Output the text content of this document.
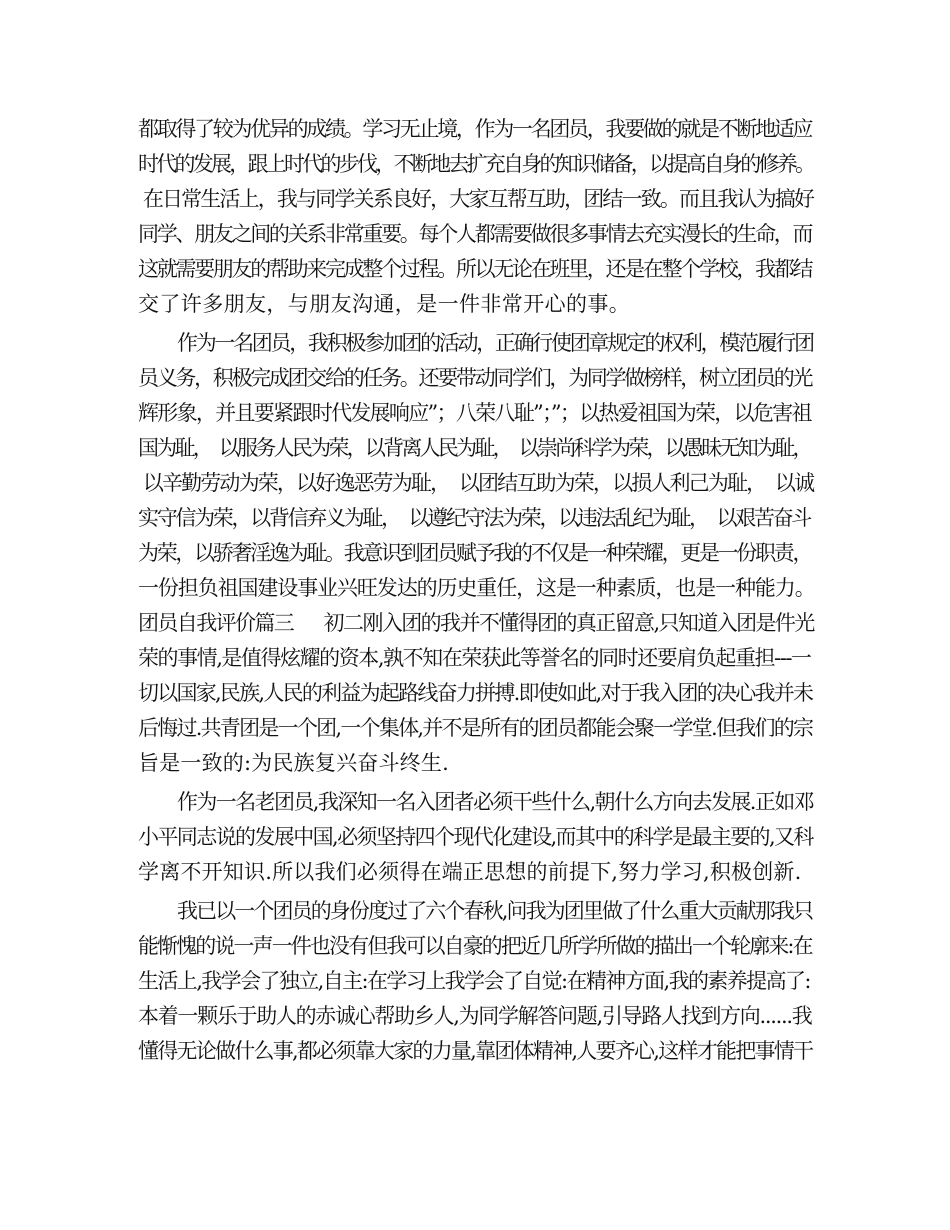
都取得了较为优异的成绩。学习无止境，作为一名团员，我要做的就是不断地适应
时代的发展，跟上时代的步伐，不断地去扩充自身的知识储备，以提高自身的修养。
在日常生活上，我与同学关系良好，大家互帮互助，团结一致。而且我认为搞好
同学、朋友之间的关系非常重要。每个人都需要做很多事情去充实漫长的生命，而
这就需要朋友的帮助来完成整个过程。所以无论在班里，还是在整个学校，我都结
交了许多朋友，与朋友沟通，是一件非常开心的事。
作为一名团员，我积极参加团的活动，正确行使团章规定的权利，模范履行团
员义务，积极完成团交给的任务。还要带动同学们，为同学做榜样，树立团员的光
辉形象，并且要紧跟时代发展响应”；八荣八耻”；”；以热爱祖国为荣，以危害祖
国为耻，  以服务人民为荣，以背离人民为耻，  以崇尚科学为荣，以愚昧无知为耻，
以辛勤劳动为荣，以好逸恶劳为耻，  以团结互助为荣，以损人利己为耻，  以诚
实守信为荣，以背信弃义为耻，  以遵纪守法为荣，以违法乱纪为耻，  以艰苦奋斗
为荣，以骄奢淫逸为耻。我意识到团员赋予我的不仅是一种荣耀，更是一份职责，
一份担负祖国建设事业兴旺发达的历史重任，这是一种素质，也是一种能力。
团员自我评价篇三      初二刚入团的我并不懂得团的真正留意,只知道入团是件光
荣的事情,是值得炫耀的资本,孰不知在荣获此等誉名的同时还要肩负起重担---一
切以国家,民族,人民的利益为起路线奋力拼搏.即使如此,对于我入团的决心我并未
后悔过.共青团是一个团,一个集体,并不是所有的团员都能会聚一学堂.但我们的宗
旨是一致的:为民族复兴奋斗终生.
作为一名老团员,我深知一名入团者必须干些什么,朝什么方向去发展.正如邓
小平同志说的发展中国,必须坚持四个现代化建设,而其中的科学是最主要的,又科
学离不开知识.所以我们必须得在端正思想的前提下,努力学习,积极创新.
我已以一个团员的身份度过了六个春秋,问我为团里做了什么重大贡献那我只
能惭愧的说一声一件也没有但我可以自豪的把近几所学所做的描出一个轮廓来:在
生活上,我学会了独立,自主:在学习上我学会了自觉:在精神方面,我的素养提高了:
本着一颗乐于助人的赤诚心帮助乡人,为同学解答问题,引导路人找到方向......我
懂得无论做什么事,都必须靠大家的力量,靠团体精神,人要齐心,这样才能把事情干
